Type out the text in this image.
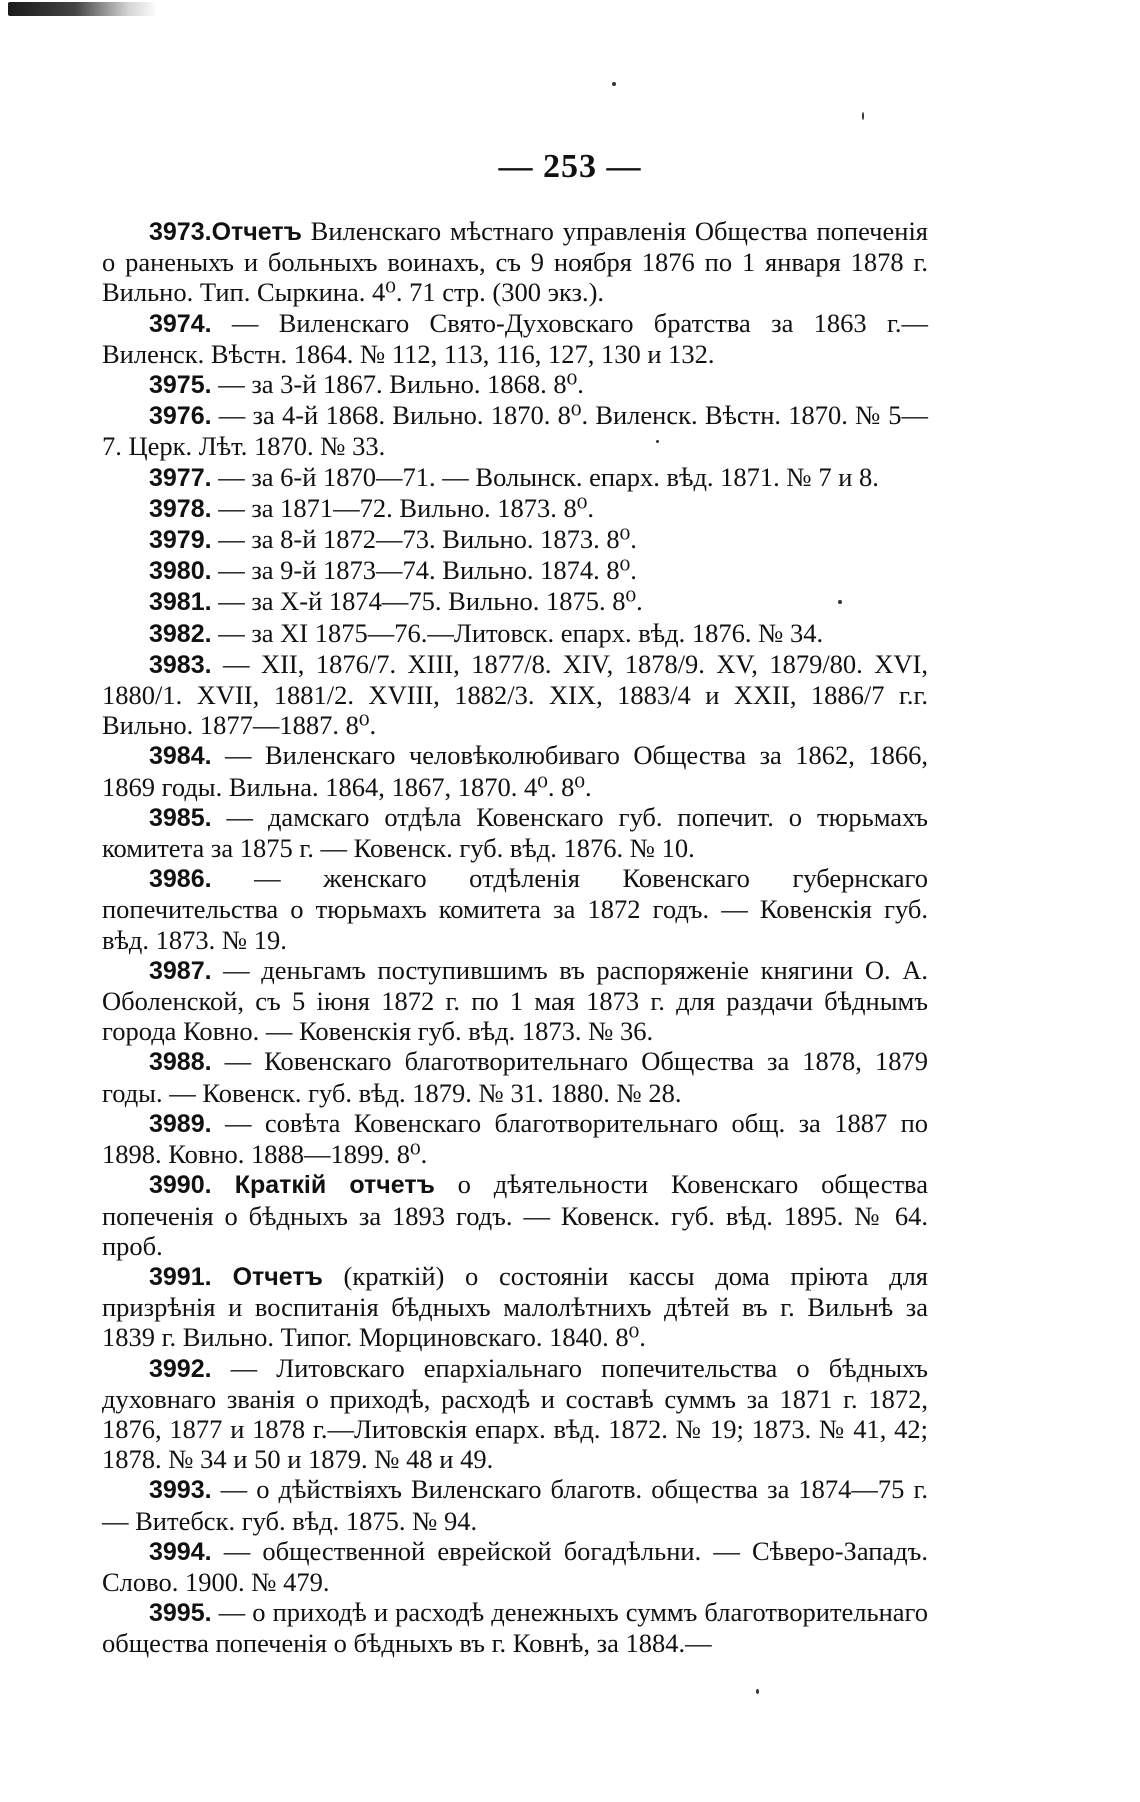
— 253 —

3973.Отчетъ Виленскаго мѣстнаго управленія Общества попеченія о раненыхъ и больныхъ воинахъ, съ 9 ноября 1876 по 1 января 1878 г. Вильно. Тип. Сыркина. 4⁰. 71 стр. (300 экз.).

3974. — Виленскаго Свято-Духовскаго братства за 1863 г.— Виленск. Вѣстн. 1864. № 112, 113, 116, 127, 130 и 132.

3975. — за 3-й 1867. Вильно. 1868. 8⁰.

3976. — за 4-й 1868. Вильно. 1870. 8⁰. Виленск. Вѣстн. 1870. № 5—7. Церк. Лѣт. 1870. № 33.

3977. — за 6-й 1870—71. — Волынск. епарх. вѣд. 1871. № 7 и 8.

3978. — за 1871—72. Вильно. 1873. 8⁰.

3979. — за 8-й 1872—73. Вильно. 1873. 8⁰.

3980. — за 9-й 1873—74. Вильно. 1874. 8⁰.

3981. — за X-й 1874—75. Вильно. 1875. 8⁰.

3982. — за XI 1875—76.—Литовск. епарх. вѣд. 1876. № 34.

3983. — XII, 1876/7. XIII, 1877/8. XIV, 1878/9. XV, 1879/80. XVI, 1880/1. XVII, 1881/2. XVIII, 1882/3. XIX, 1883/4 и XXII, 1886/7 г.г. Вильно. 1877—1887. 8⁰.

3984. — Виленскаго человѣколюбиваго Общества за 1862, 1866, 1869 годы. Вильна. 1864, 1867, 1870. 4⁰. 8⁰.

3985. — дамскаго отдѣла Ковенскаго губ. попечит. о тюрьмахъ комитета за 1875 г. — Ковенск. губ. вѣд. 1876. № 10.

3986. — женскаго отдѣленія Ковенскаго губернскаго попечительства о тюрьмахъ комитета за 1872 годъ. — Ковенскія губ. вѣд. 1873. № 19.

3987. — деньгамъ поступившимъ въ распоряженіе княгини О. А. Оболенской, съ 5 іюня 1872 г. по 1 мая 1873 г. для раздачи бѣднымъ города Ковно. — Ковенскія губ. вѣд. 1873. № 36.

3988. — Ковенскаго благотворительнаго Общества за 1878, 1879 годы. — Ковенск. губ. вѣд. 1879. № 31. 1880. № 28.

3989. — совѣта Ковенскаго благотворительнаго общ. за 1887 по 1898. Ковно. 1888—1899. 8⁰.

3990. Краткій отчетъ о дѣятельности Ковенскаго общества попеченія о бѣдныхъ за 1893 годъ. — Ковенск. губ. вѣд. 1895. № 64. проб.

3991. Отчетъ (краткій) о состояніи кассы дома пріюта для призрѣнія и воспитанія бѣдныхъ малолѣтнихъ дѣтей въ г. Вильнѣ за 1839 г. Вильно. Типог. Морциновскаго. 1840. 8⁰.

3992. — Литовскаго епархіальнаго попечительства о бѣдныхъ духовнаго званія о приходѣ, расходѣ и составѣ суммъ за 1871 г. 1872, 1876, 1877 и 1878 г.—Литовскія епарх. вѣд. 1872. № 19; 1873. № 41, 42; 1878. № 34 и 50 и 1879. № 48 и 49.

3993. — о дѣйствіяхъ Виленскаго благотв. общества за 1874—75 г. — Витебск. губ. вѣд. 1875. № 94.

3994. — общественной еврейской богадѣльни. — Сѣверо-Западъ. Слово. 1900. № 479.

3995. — о приходѣ и расходѣ денежныхъ суммъ благотворительнаго общества попеченія о бѣдныхъ въ г. Ковнѣ, за 1884.—
